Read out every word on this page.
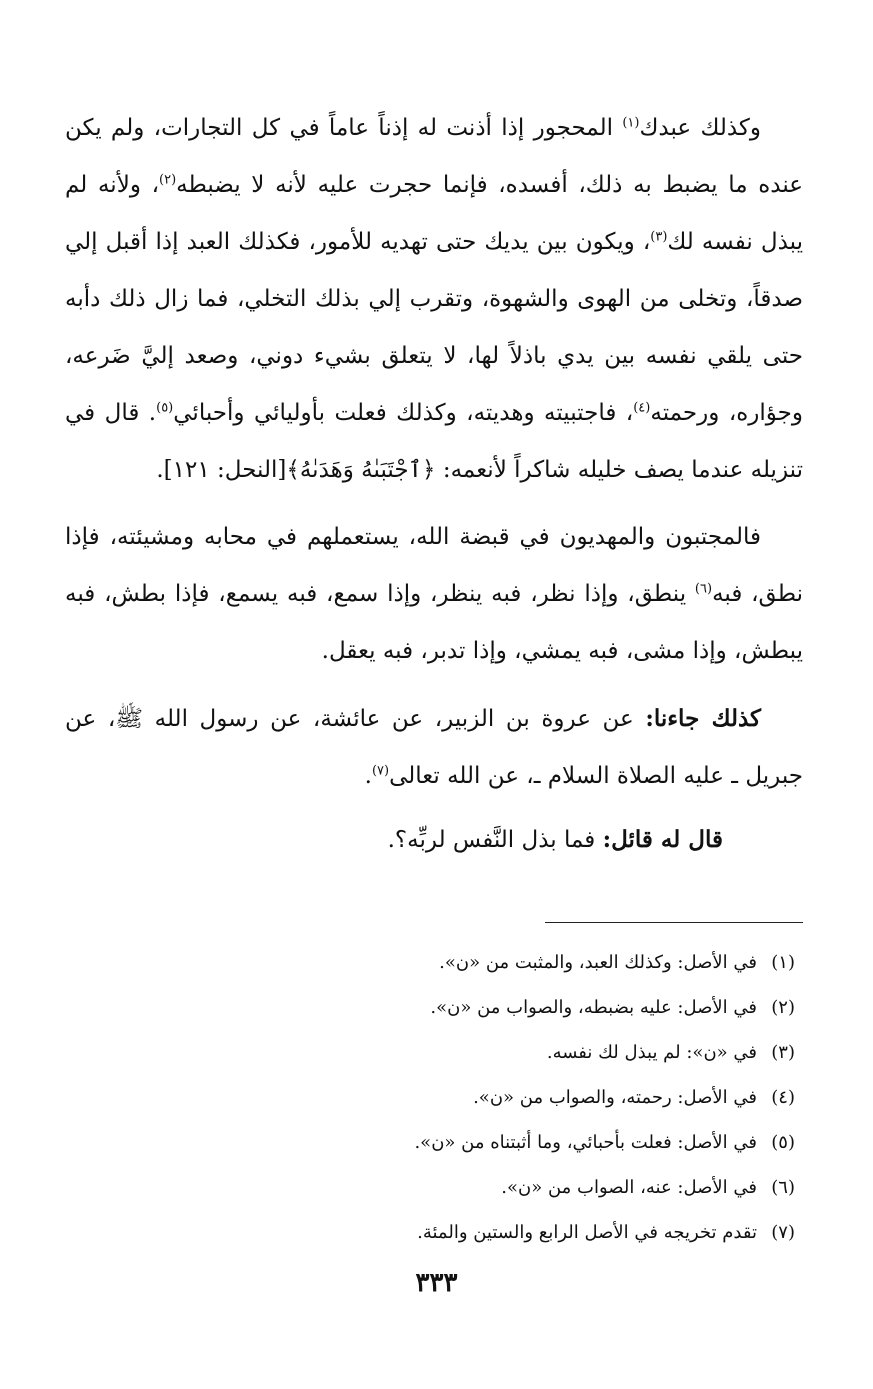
وكذلك عبدك$^{(١)}$ المحجور إذا أذنت له إذناً عاماً في كل التجارات، ولم يكن عنده ما يضبط به ذلك، أفسده، فإنما حجرت عليه لأنه لا يضبطه$^{(٢)}$، ولأنه لم يبذل نفسه لك$^{(٣)}$، ويكون بين يديك حتى تهديه للأمور، فكذلك العبد إذا أقبل إلي صدقاً، وتخلى من الهوى والشهوة، وتقرب إلي بذلك التخلي، فما زال ذلك دأبه حتى يلقي نفسه بين يدي باذلاً لها، لا يتعلق بشيء دوني، وصعد إليَّ ضَرعه، وجؤاره، ورحمته$^{(٤)}$، فاجتبيته وهديته، وكذلك فعلت بأوليائي وأحبائي$^{(٥)}$. قال في تنزيله عندما يصف خليله شاكراً لأنعمه: ﴿ٱجْتَبَىٰهُ وَهَدَىٰهُ﴾[النحل: ١٢١].

فالمجتبون والمهديون في قبضة الله، يستعملهم في محابه ومشيئته، فإذا نطق، فبه$^{(٦)}$ ينطق، وإذا نظر، فبه ينظر، وإذا سمع، فبه يسمع، فإذا بطش، فبه يبطش، وإذا مشى، فبه يمشي، وإذا تدبر، فبه يعقل.

كذلك جاءنا: عن عروة بن الزبير، عن عائشة، عن رسول الله ﷺ، عن جبريل ـ عليه الصلاة السلام ـ، عن الله تعالى$^{(٧)}$.

قال له قائل: فما بذل النَّفس لربِّه؟.

(١)
في الأصل: وكذلك العبد، والمثبت من «ن».
(٢)
في الأصل: عليه بضبطه، والصواب من «ن».
(٣)
في «ن»: لم يبذل لك نفسه.
(٤)
في الأصل: رحمته، والصواب من «ن».
(٥)
في الأصل: فعلت بأحبائي، وما أثبتناه من «ن».
(٦)
في الأصل: عنه، الصواب من «ن».
(٧)
تقدم تخريجه في الأصل الرابع والستين والمئة.
٣٣٣
